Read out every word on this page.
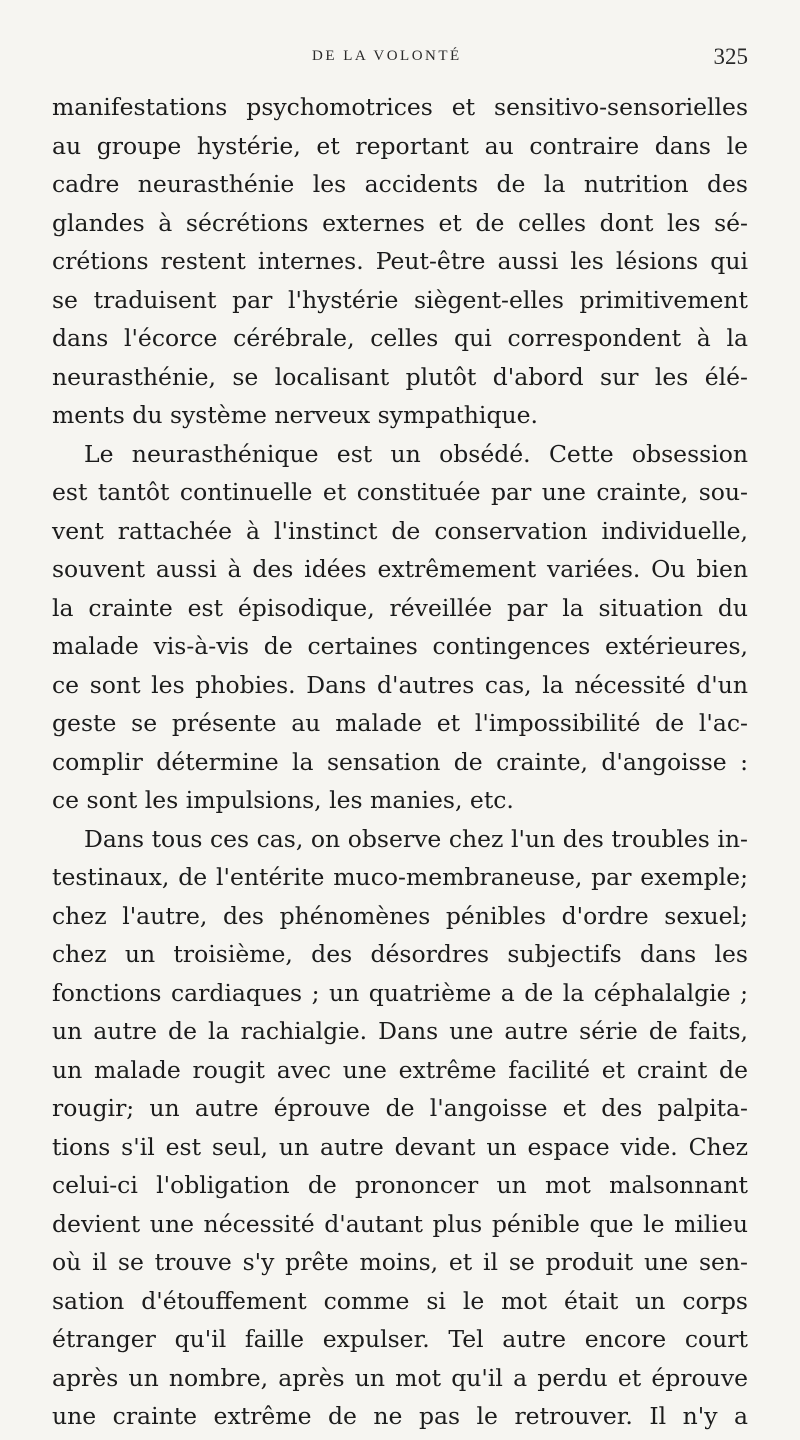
DE LA VOLONTÉ	325
manifestations psychomotrices et sensitivo-sensorielles
au groupe hystérie, et reportant au contraire dans le
cadre neurasthénie les accidents de la nutrition des
glandes à sécrétions externes et de celles dont les sé-
crétions restent internes. Peut-être aussi les lésions qui
se traduisent par l'hystérie siègent-elles primitivement
dans l'écorce cérébrale, celles qui correspondent à la
neurasthénie, se localisant plutôt d'abord sur les élé-
ments du système nerveux sympathique.
Le neurasthénique est un obsédé. Cette obsession
est tantôt continuelle et constituée par une crainte, sou-
vent rattachée à l'instinct de conservation individuelle,
souvent aussi à des idées extrêmement variées. Ou bien
la crainte est épisodique, réveillée par la situation du
malade vis-à-vis de certaines contingences extérieures,
ce sont les phobies. Dans d'autres cas, la nécessité d'un
geste se présente au malade et l'impossibilité de l'ac-
complir détermine la sensation de crainte, d'angoisse :
ce sont les impulsions, les manies, etc.
Dans tous ces cas, on observe chez l'un des troubles in-
testinaux, de l'entérite muco-membraneuse, par exemple;
chez l'autre, des phénomènes pénibles d'ordre sexuel;
chez un troisième, des désordres subjectifs dans les
fonctions cardiaques ; un quatrième a de la céphalalgie ;
un autre de la rachialgie. Dans une autre série de faits,
un malade rougit avec une extrême facilité et craint de
rougir; un autre éprouve de l'angoisse et des palpita-
tions s'il est seul, un autre devant un espace vide. Chez
celui-ci l'obligation de prononcer un mot malsonnant
devient une nécessité d'autant plus pénible que le milieu
où il se trouve s'y prête moins, et il se produit une sen-
sation d'étouffement comme si le mot était un corps
étranger qu'il faille expulser. Tel autre encore court
après un nombre, après un mot qu'il a perdu et éprouve
une crainte extrême de ne pas le retrouver. Il n'y a
